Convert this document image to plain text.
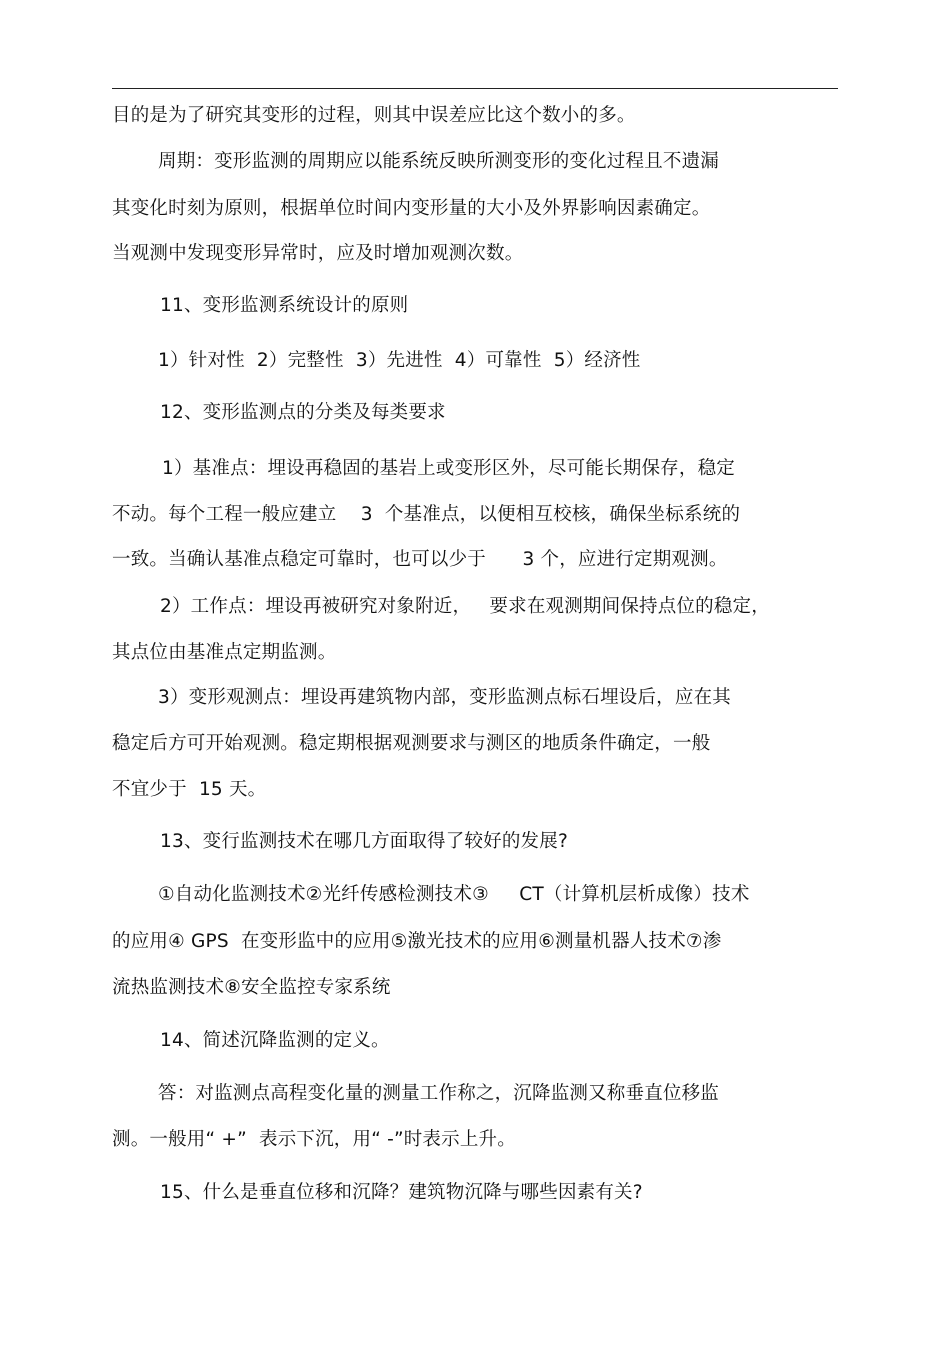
目的是为了研究其变形的过程，则其中误差应比这个数小的多。
周期：变形监测的周期应以能系统反映所测变形的变化过程且不遗漏
其变化时刻为原则，根据单位时间内变形量的大小及外界影响因素确定。
当观测中发现变形异常时，应及时增加观测次数。
11、变形监测系统设计的原则
1）针对性  2）完整性  3）先进性  4）可靠性  5）经济性
12、变形监测点的分类及每类要求
1）基准点：埋设再稳固的基岩上或变形区外，尽可能长期保存，稳定
不动。每个工程一般应建立    3  个基准点，以便相互校核，确保坐标系统的
一致。当确认基准点稳定可靠时，也可以少于      3 个，应进行定期观测。
2）工作点：埋设再被研究对象附近，   要求在观测期间保持点位的稳定，
其点位由基准点定期监测。
3）变形观测点：埋设再建筑物内部，变形监测点标石埋设后，应在其
稳定后方可开始观测。稳定期根据观测要求与测区的地质条件确定，一般
不宜少于  15 天。
13、变行监测技术在哪几方面取得了较好的发展?
①自动化监测技术②光纤传感检测技术③     CT（计算机层析成像）技术
的应用④ GPS  在变形监中的应用⑤激光技术的应用⑥测量机器人技术⑦渗
流热监测技术⑧安全监控专家系统
14、简述沉降监测的定义。
答：对监测点高程变化量的测量工作称之，沉降监测又称垂直位移监
测。一般用“ +”  表示下沉，用“ -”时表示上升。
15、什么是垂直位移和沉降？建筑物沉降与哪些因素有关?
